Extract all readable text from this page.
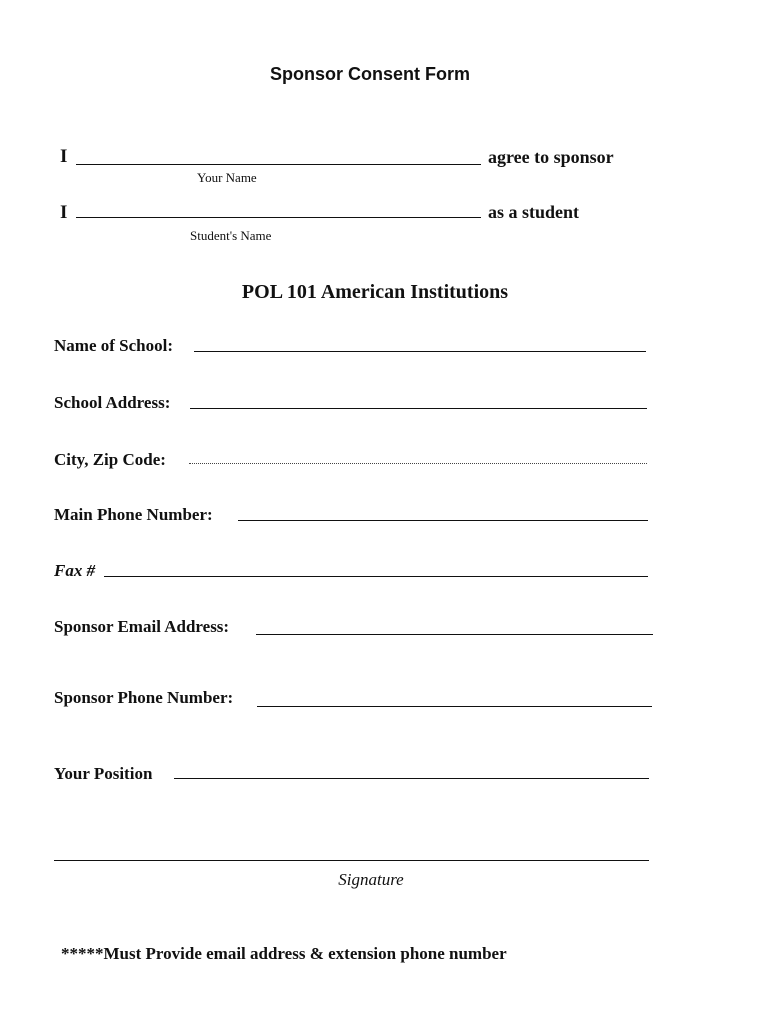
Sponsor Consent Form
I	agree to sponsor
Your Name
I	as a student
Student's Name
POL 101 American Institutions
Name of School:
School Address:
City, Zip Code:
Main Phone Number:
Fax #
Sponsor Email Address:
Sponsor Phone Number:
Your Position
Signature
*****Must Provide email address & extension phone number
